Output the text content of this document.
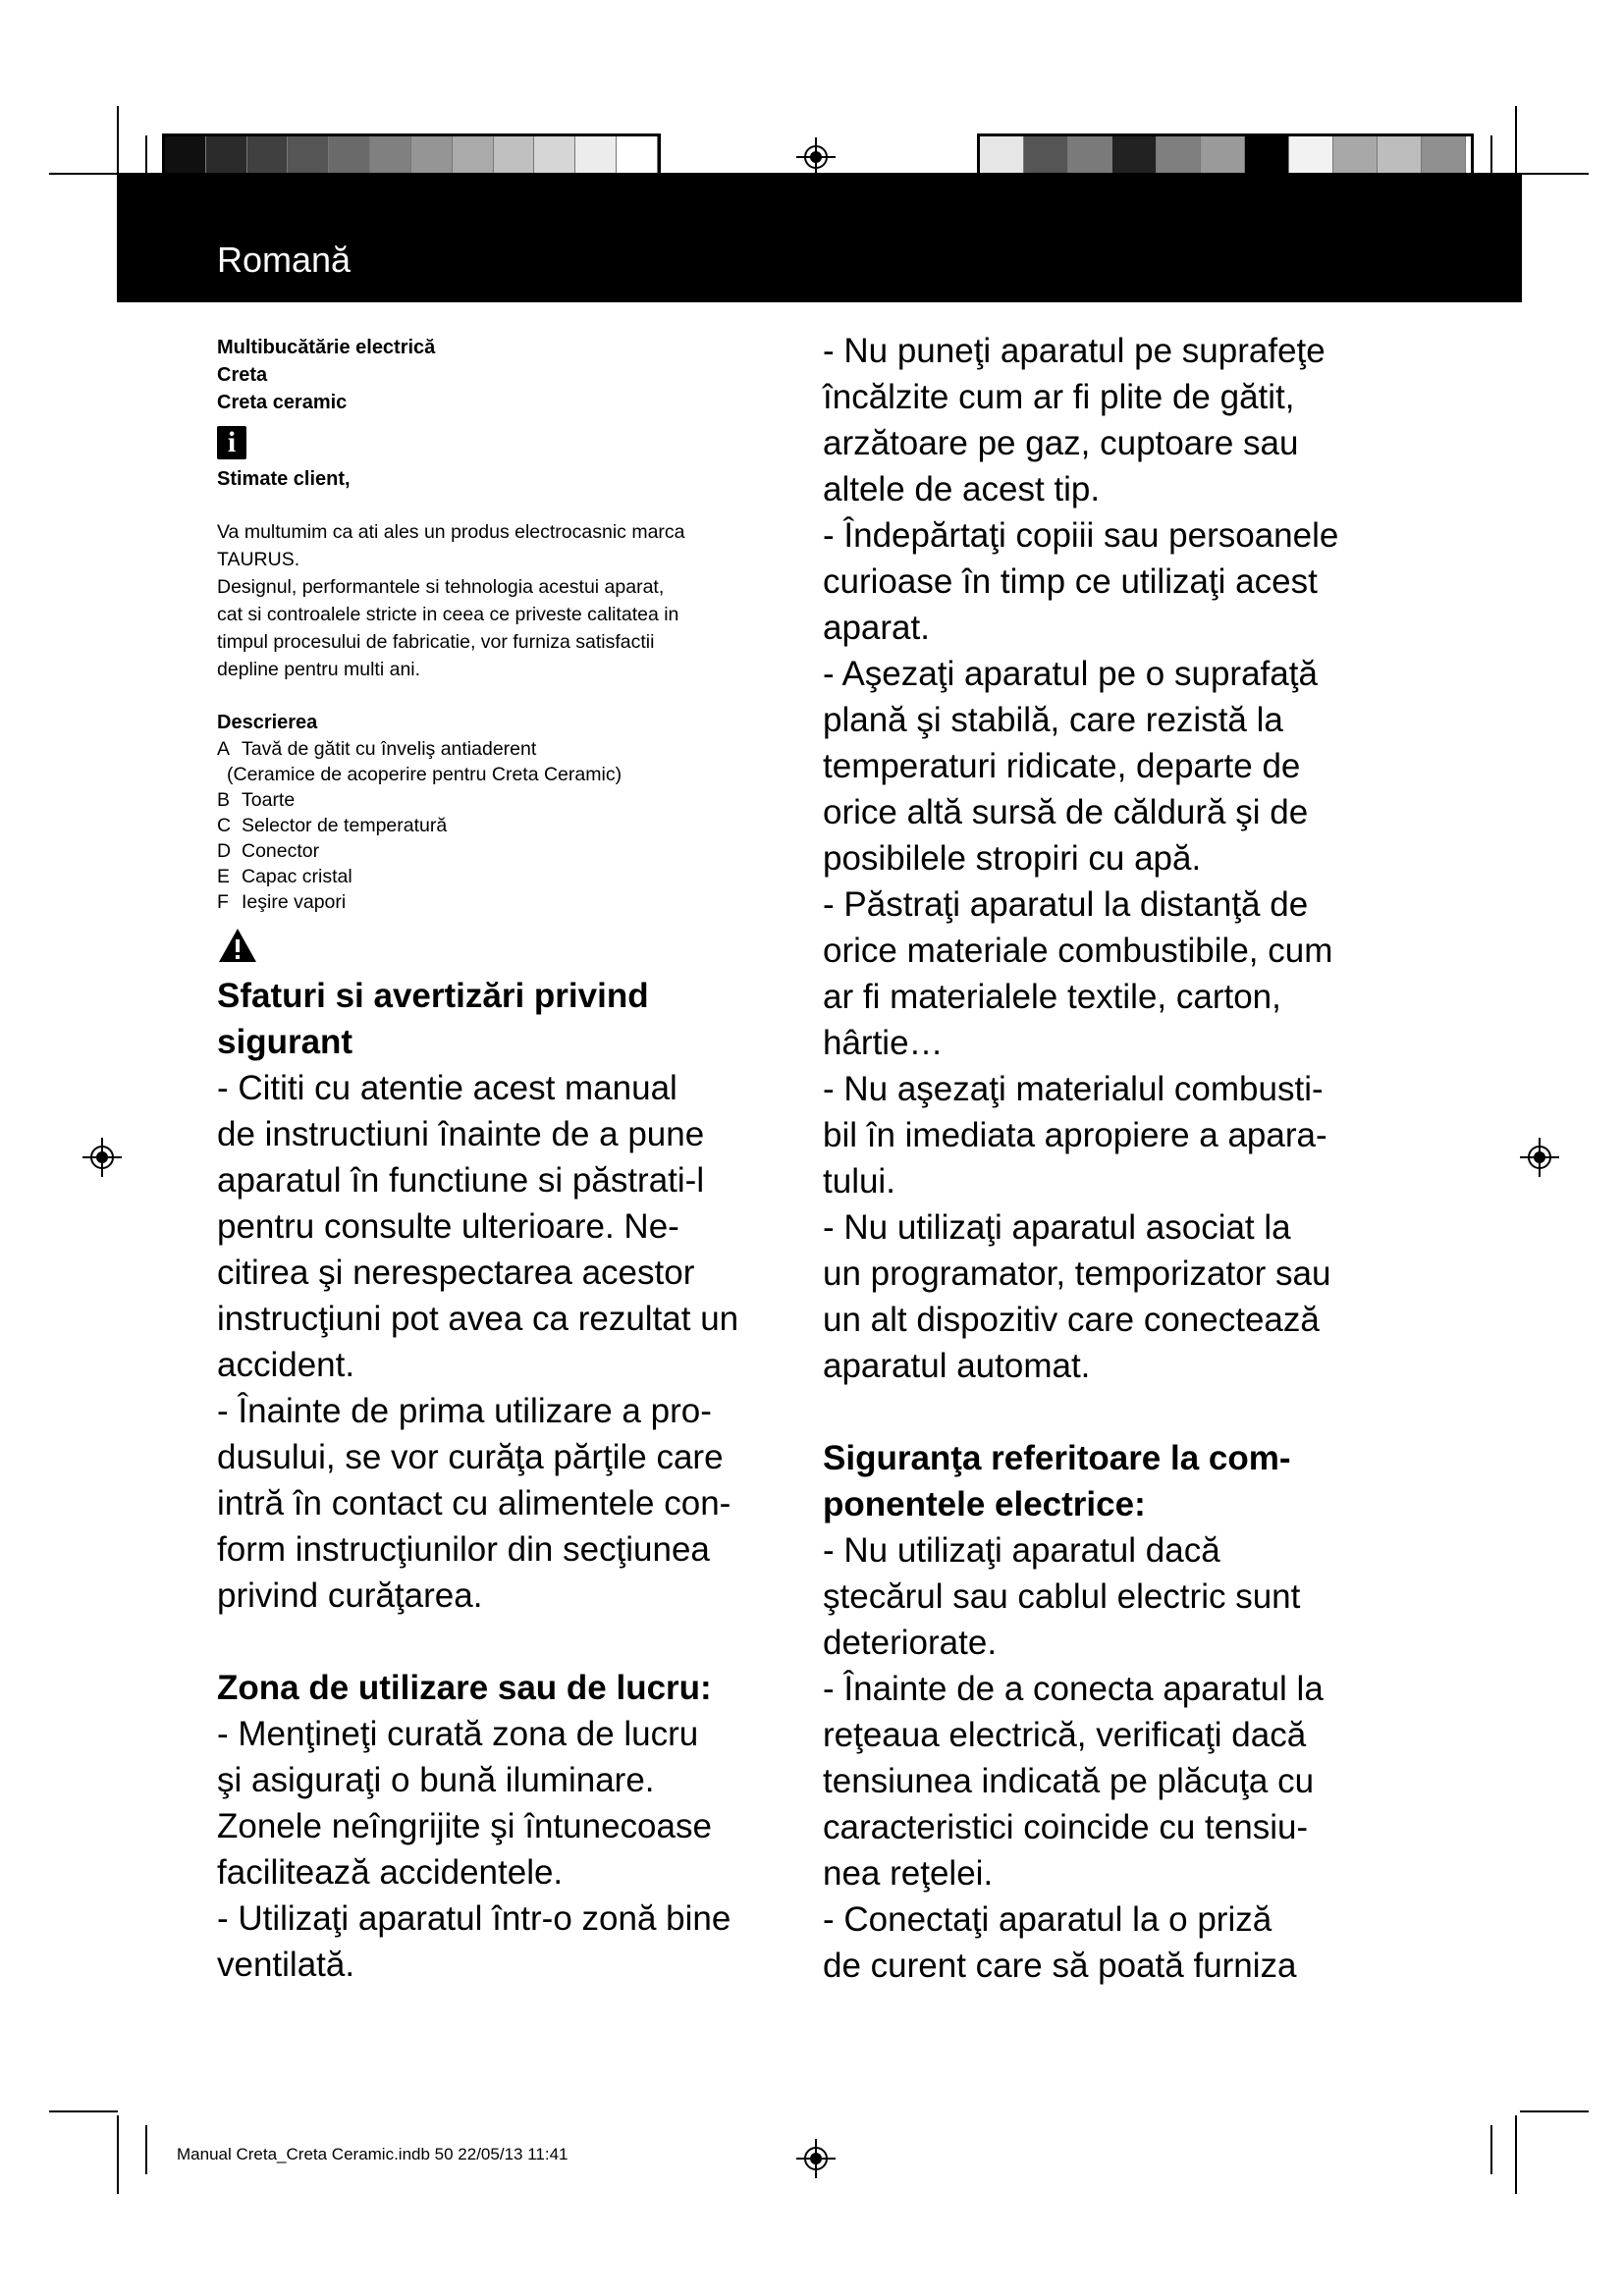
Romană

Multibucătărie electrică

Creta

Creta ceramic

i

Stimate client,

Va multumim ca ati ales un produs electrocasnic marca

TAURUS.

Designul, performantele si tehnologia acestui aparat,

cat si controalele stricte in ceea ce priveste calitatea in

timpul procesului de fabricatie, vor furniza satisfactii

depline pentru multi ani.

Descrierea

A Tavă de gătit cu înveliş antiaderent
(Ceramice de acoperire pentru Creta Ceramic)
B Toarte
C Selector de temperatură
D Conector
E Capac cristal
F Ieşire vapori

Sfaturi si avertizări privind

sigurant

- Cititi cu atentie acest manual

de instructiuni înainte de a pune

aparatul în functiune si păstrati-l

pentru consulte ulterioare. Ne-

citirea şi nerespectarea acestor

instrucţiuni pot avea ca rezultat un

accident.

- Înainte de prima utilizare a pro-

dusului, se vor curăţa părţile care

intră în contact cu alimentele con-

form instrucţiunilor din secţiunea

privind curăţarea.

Zona de utilizare sau de lucru:

- Menţineţi curată zona de lucru

şi asiguraţi o bună iluminare.

Zonele neîngrijite şi întunecoase

facilitează accidentele.

- Utilizaţi aparatul într-o zonă bine

ventilată.

- Nu puneţi aparatul pe suprafeţe

încălzite cum ar fi plite de gătit,

arzătoare pe gaz, cuptoare sau

altele de acest tip.

- Îndepărtaţi copiii sau persoanele

curioase în timp ce utilizaţi acest

aparat.

- Aşezaţi aparatul pe o suprafaţă

plană şi stabilă, care rezistă la

temperaturi ridicate, departe de

orice altă sursă de căldură şi de

posibilele stropiri cu apă.

- Păstraţi aparatul la distanţă de

orice materiale combustibile, cum

ar fi materialele textile, carton,

hârtie…

- Nu aşezaţi materialul combusti-

bil în imediata apropiere a apara-

tului.

- Nu utilizaţi aparatul asociat la

un programator, temporizator sau

un alt dispozitiv care conectează

aparatul automat.

Siguranţa referitoare la com-

ponentele electrice:

- Nu utilizaţi aparatul dacă

ştecărul sau cablul electric sunt

deteriorate.

- Înainte de a conecta aparatul la

reţeaua electrică, verificaţi dacă

tensiunea indicată pe plăcuţa cu

caracteristici coincide cu tensiu-

nea reţelei.

- Conectaţi aparatul la o priză

de curent care să poată furniza

Manual Creta_Creta Ceramic.indb 50 22/05/13 11:41
